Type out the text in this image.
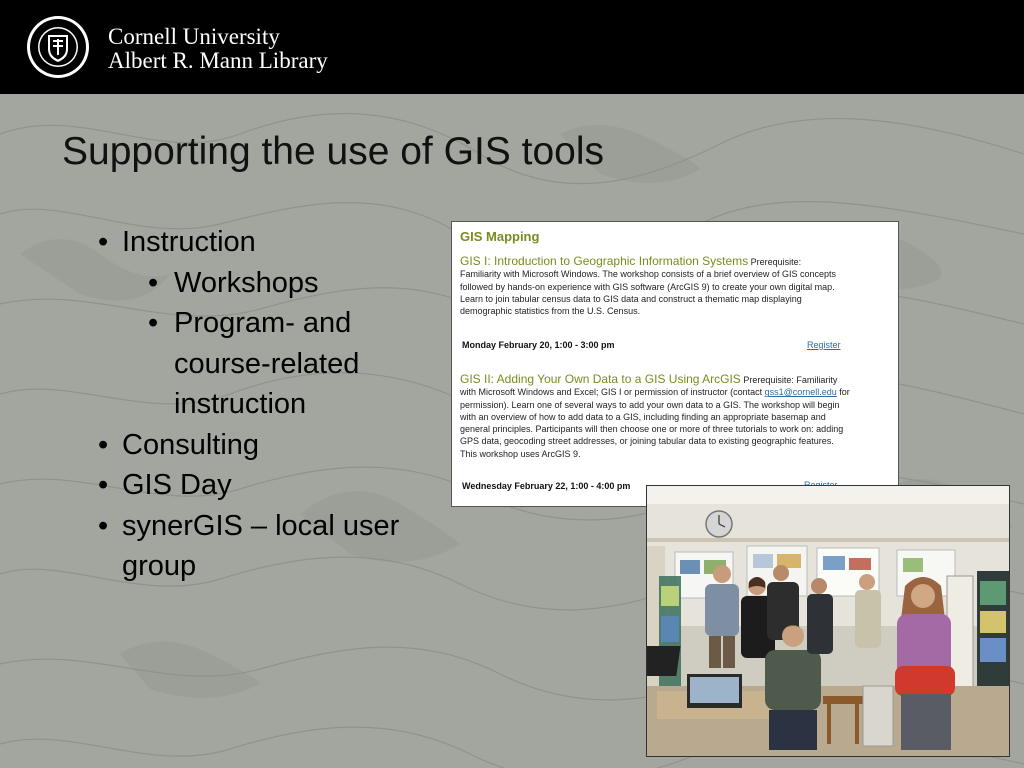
Cornell University
Albert R. Mann Library
Supporting the use of GIS tools
• Instruction
• Workshops
• Program- and
course-related
instruction
• Consulting
• GIS Day
• synerGIS – local user
group
GIS Mapping
GIS I: Introduction to Geographic Information Systems Prerequisite:
Familiarity with Microsoft Windows. The workshop consists of a brief overview of GIS concepts
followed by hands-on experience with GIS software (ArcGIS 9) to create your own digital map.
Learn to join tabular census data to GIS data and construct a thematic map displaying
demographic statistics from the U.S. Census.
Monday February 20, 1:00 - 3:00 pm	Register
GIS II: Adding Your Own Data to a GIS Using ArcGIS Prerequisite: Familiarity
with Microsoft Windows and Excel; GIS I or permission of instructor (contact gss1@cornell.edu for
permission). Learn one of several ways to add your own data to a GIS. The workshop will begin
with an overview of how to add data to a GIS, including finding an appropriate basemap and
general principles. Participants will then choose one or more of three tutorials to work on: adding
GPS data, geocoding street addresses, or joining tabular data to existing geographic features.
This workshop uses ArcGIS 9.
Wednesday February 22, 1:00 - 4:00 pm
